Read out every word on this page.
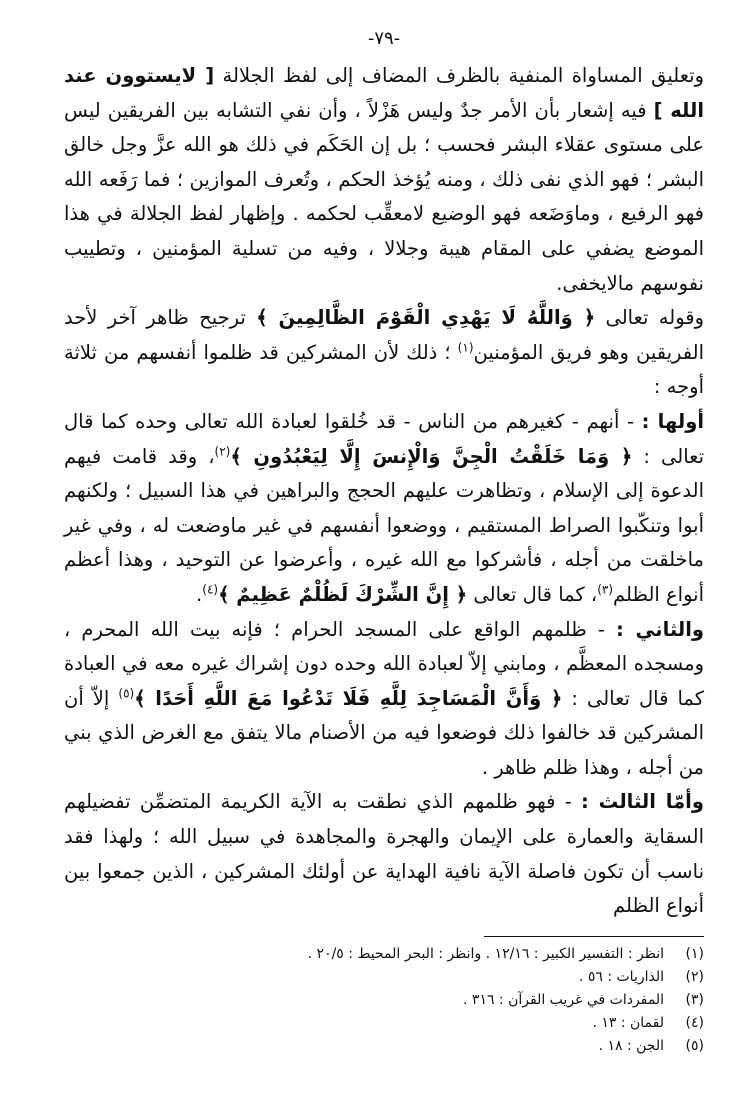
-٧٩-

وتعليق المساواة المنفية بالظرف المضاف إلى لفظ الجلالة [ لايستوون عند الله ] فيه إشعار بأن الأمر جدٌ وليس هَزْلاً ، وأن نفي التشابه بين الفريقين ليس على مستوى عقلاء البشر فحسب ؛ بل إن الحَكَم في ذلك هو الله عزَّ وجل خالق البشر ؛ فهو الذي نفى ذلك ، ومنه يُؤخذ الحكم ، وتُعرف الموازين ؛ فما رَفَعه الله فهو الرفيع ، وماوَضَعه فهو الوضيع لامعقِّب لحكمه . وإظهار لفظ الجلالة في هذا الموضع يضفي على المقام هيبة وجلالا ، وفيه من تسلية المؤمنين ، وتطييب نفوسهم مالايخفى.

وقوله تعالى ﴿ وَاللَّهُ لَا يَهْدِي الْقَوْمَ الظَّالِمِينَ ﴾ ترجيح ظاهر آخر لأحد الفريقين وهو فريق المؤمنين$^{(١)}$ ؛ ذلك لأن المشركين قد ظلموا أنفسهم من ثلاثة أوجه :

أولها : - أنهم - كغيرهم من الناس - قد خُلقوا لعبادة الله تعالى وحده كما قال تعالى : ﴿ وَمَا خَلَقْتُ الْجِنَّ وَالْإِنسَ إِلَّا لِيَعْبُدُونِ ﴾$^{(٢)}$، وقد قامت فيهم الدعوة إلى الإسلام ، وتظاهرت عليهم الحجج والبراهين في هذا السبيل ؛ ولكنهم أبوا وتنكّبوا الصراط المستقيم ، ووضعوا أنفسهم في غير ماوضعت له ، وفي غير ماخلقت من أجله ، فأشركوا مع الله غيره ، وأعرضوا عن التوحيد ، وهذا أعظم أنواع الظلم$^{(٣)}$، كما قال تعالى ﴿ إِنَّ الشِّرْكَ لَظُلْمٌ عَظِيمٌ ﴾$^{(٤)}$.

والثاني : - ظلمهم الواقع على المسجد الحرام ؛ فإنه بيت الله المحرم ، ومسجده المعظَّم ، ومابني إلاّ لعبادة الله وحده دون إشراك غيره معه في العبادة كما قال تعالى : ﴿ وَأَنَّ الْمَسَاجِدَ لِلَّهِ فَلَا تَدْعُوا مَعَ اللَّهِ أَحَدًا ﴾$^{(٥)}$ إلاّ أن المشركين قد خالفوا ذلك فوضعوا فيه من الأصنام مالا يتفق مع الغرض الذي بني من أجله ، وهذا ظلم ظاهر .

وأمّا الثالث : - فهو ظلمهم الذي نطقت به الآية الكريمة المتضمِّن تفضيلهم السقاية والعمارة على الإيمان والهجرة والمجاهدة في سبيل الله ؛ ولهذا فقد ناسب أن تكون فاصلة الآية نافية الهداية عن أولئك المشركين ، الذين جمعوا بين أنواع الظلم

(١)
انظر : التفسير الكبير : ١٢/١٦ . وانظر : البحر المحيط : ٢٠/٥ .
(٢)
الذاريات : ٥٦ .
(٣)
المفردات في غريب القرآن : ٣١٦ .
(٤)
لقمان : ١٣ .
(٥)
الجن : ١٨ .
